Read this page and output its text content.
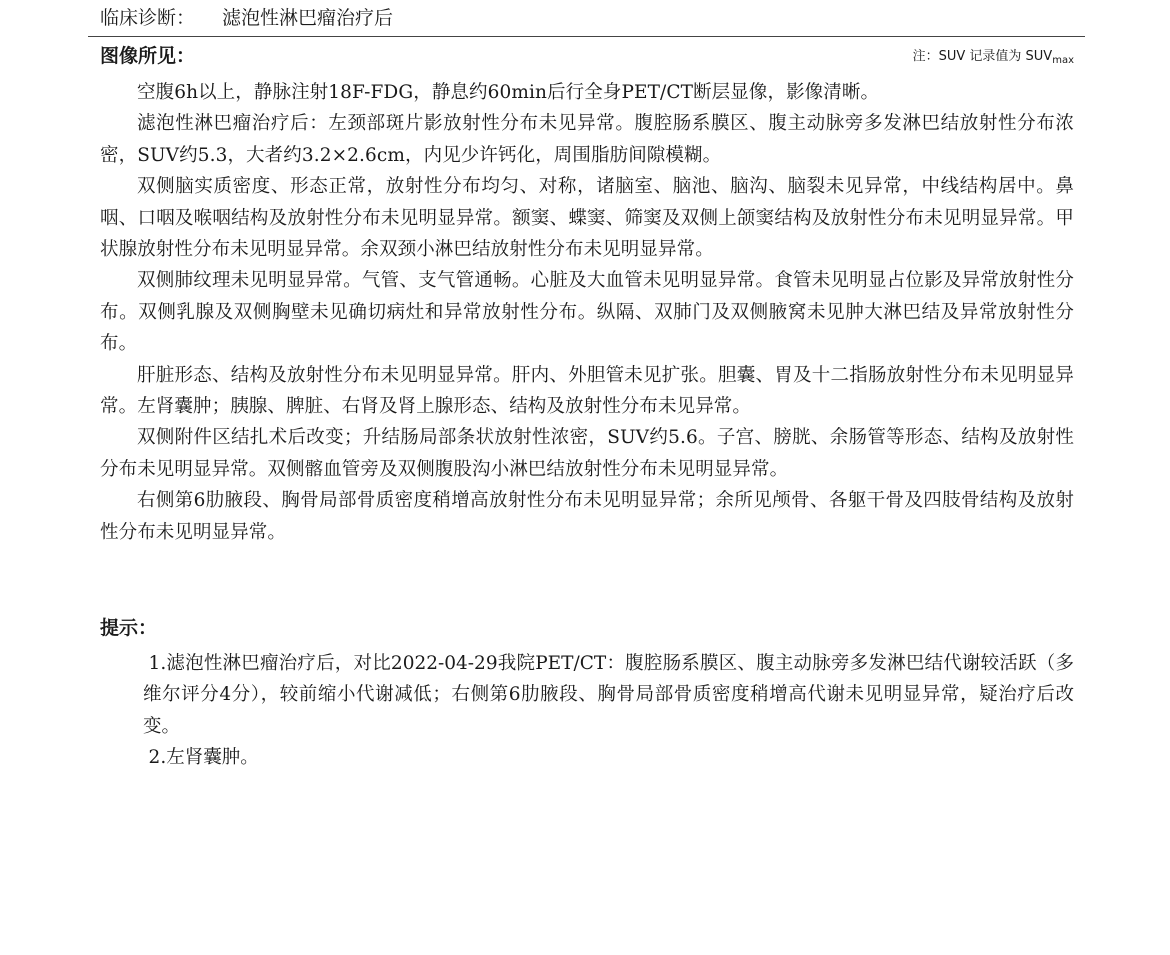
临床诊断： 滤泡性淋巴瘤治疗后
图像所见：	注：SUV 记录值为 $SUV_{max}$

空腹6h以上，静脉注射18F-FDG，静息约60min后行全身PET/CT断层显像，影像清晰。

滤泡性淋巴瘤治疗后：左颈部斑片影放射性分布未见异常。腹腔肠系膜区、腹主动脉旁多发淋巴结放射性分布浓密，SUV约5.3，大者约3.2×2.6cm，内见少许钙化，周围脂肪间隙模糊。

双侧脑实质密度、形态正常，放射性分布均匀、对称，诸脑室、脑池、脑沟、脑裂未见异常，中线结构居中。鼻咽、口咽及喉咽结构及放射性分布未见明显异常。额窦、蝶窦、筛窦及双侧上颌窦结构及放射性分布未见明显异常。甲状腺放射性分布未见明显异常。余双颈小淋巴结放射性分布未见明显异常。

双侧肺纹理未见明显异常。气管、支气管通畅。心脏及大血管未见明显异常。食管未见明显占位影及异常放射性分布。双侧乳腺及双侧胸壁未见确切病灶和异常放射性分布。纵隔、双肺门及双侧腋窝未见肿大淋巴结及异常放射性分布。

肝脏形态、结构及放射性分布未见明显异常。肝内、外胆管未见扩张。胆囊、胃及十二指肠放射性分布未见明显异常。左肾囊肿；胰腺、脾脏、右肾及肾上腺形态、结构及放射性分布未见异常。

双侧附件区结扎术后改变；升结肠局部条状放射性浓密，SUV约5.6。子宫、膀胱、余肠管等形态、结构及放射性分布未见明显异常。双侧髂血管旁及双侧腹股沟小淋巴结放射性分布未见明显异常。

右侧第6肋腋段、胸骨局部骨质密度稍增高放射性分布未见明显异常；余所见颅骨、各躯干骨及四肢骨结构及放射性分布未见明显异常。

提示：

1.滤泡性淋巴瘤治疗后，对比2022-04-29我院PET/CT：腹腔肠系膜区、腹主动脉旁多发淋巴结代谢较活跃（多维尔评分4分），较前缩小代谢减低；右侧第6肋腋段、胸骨局部骨质密度稍增高代谢未见明显异常，疑治疗后改变。

2.左肾囊肿。
